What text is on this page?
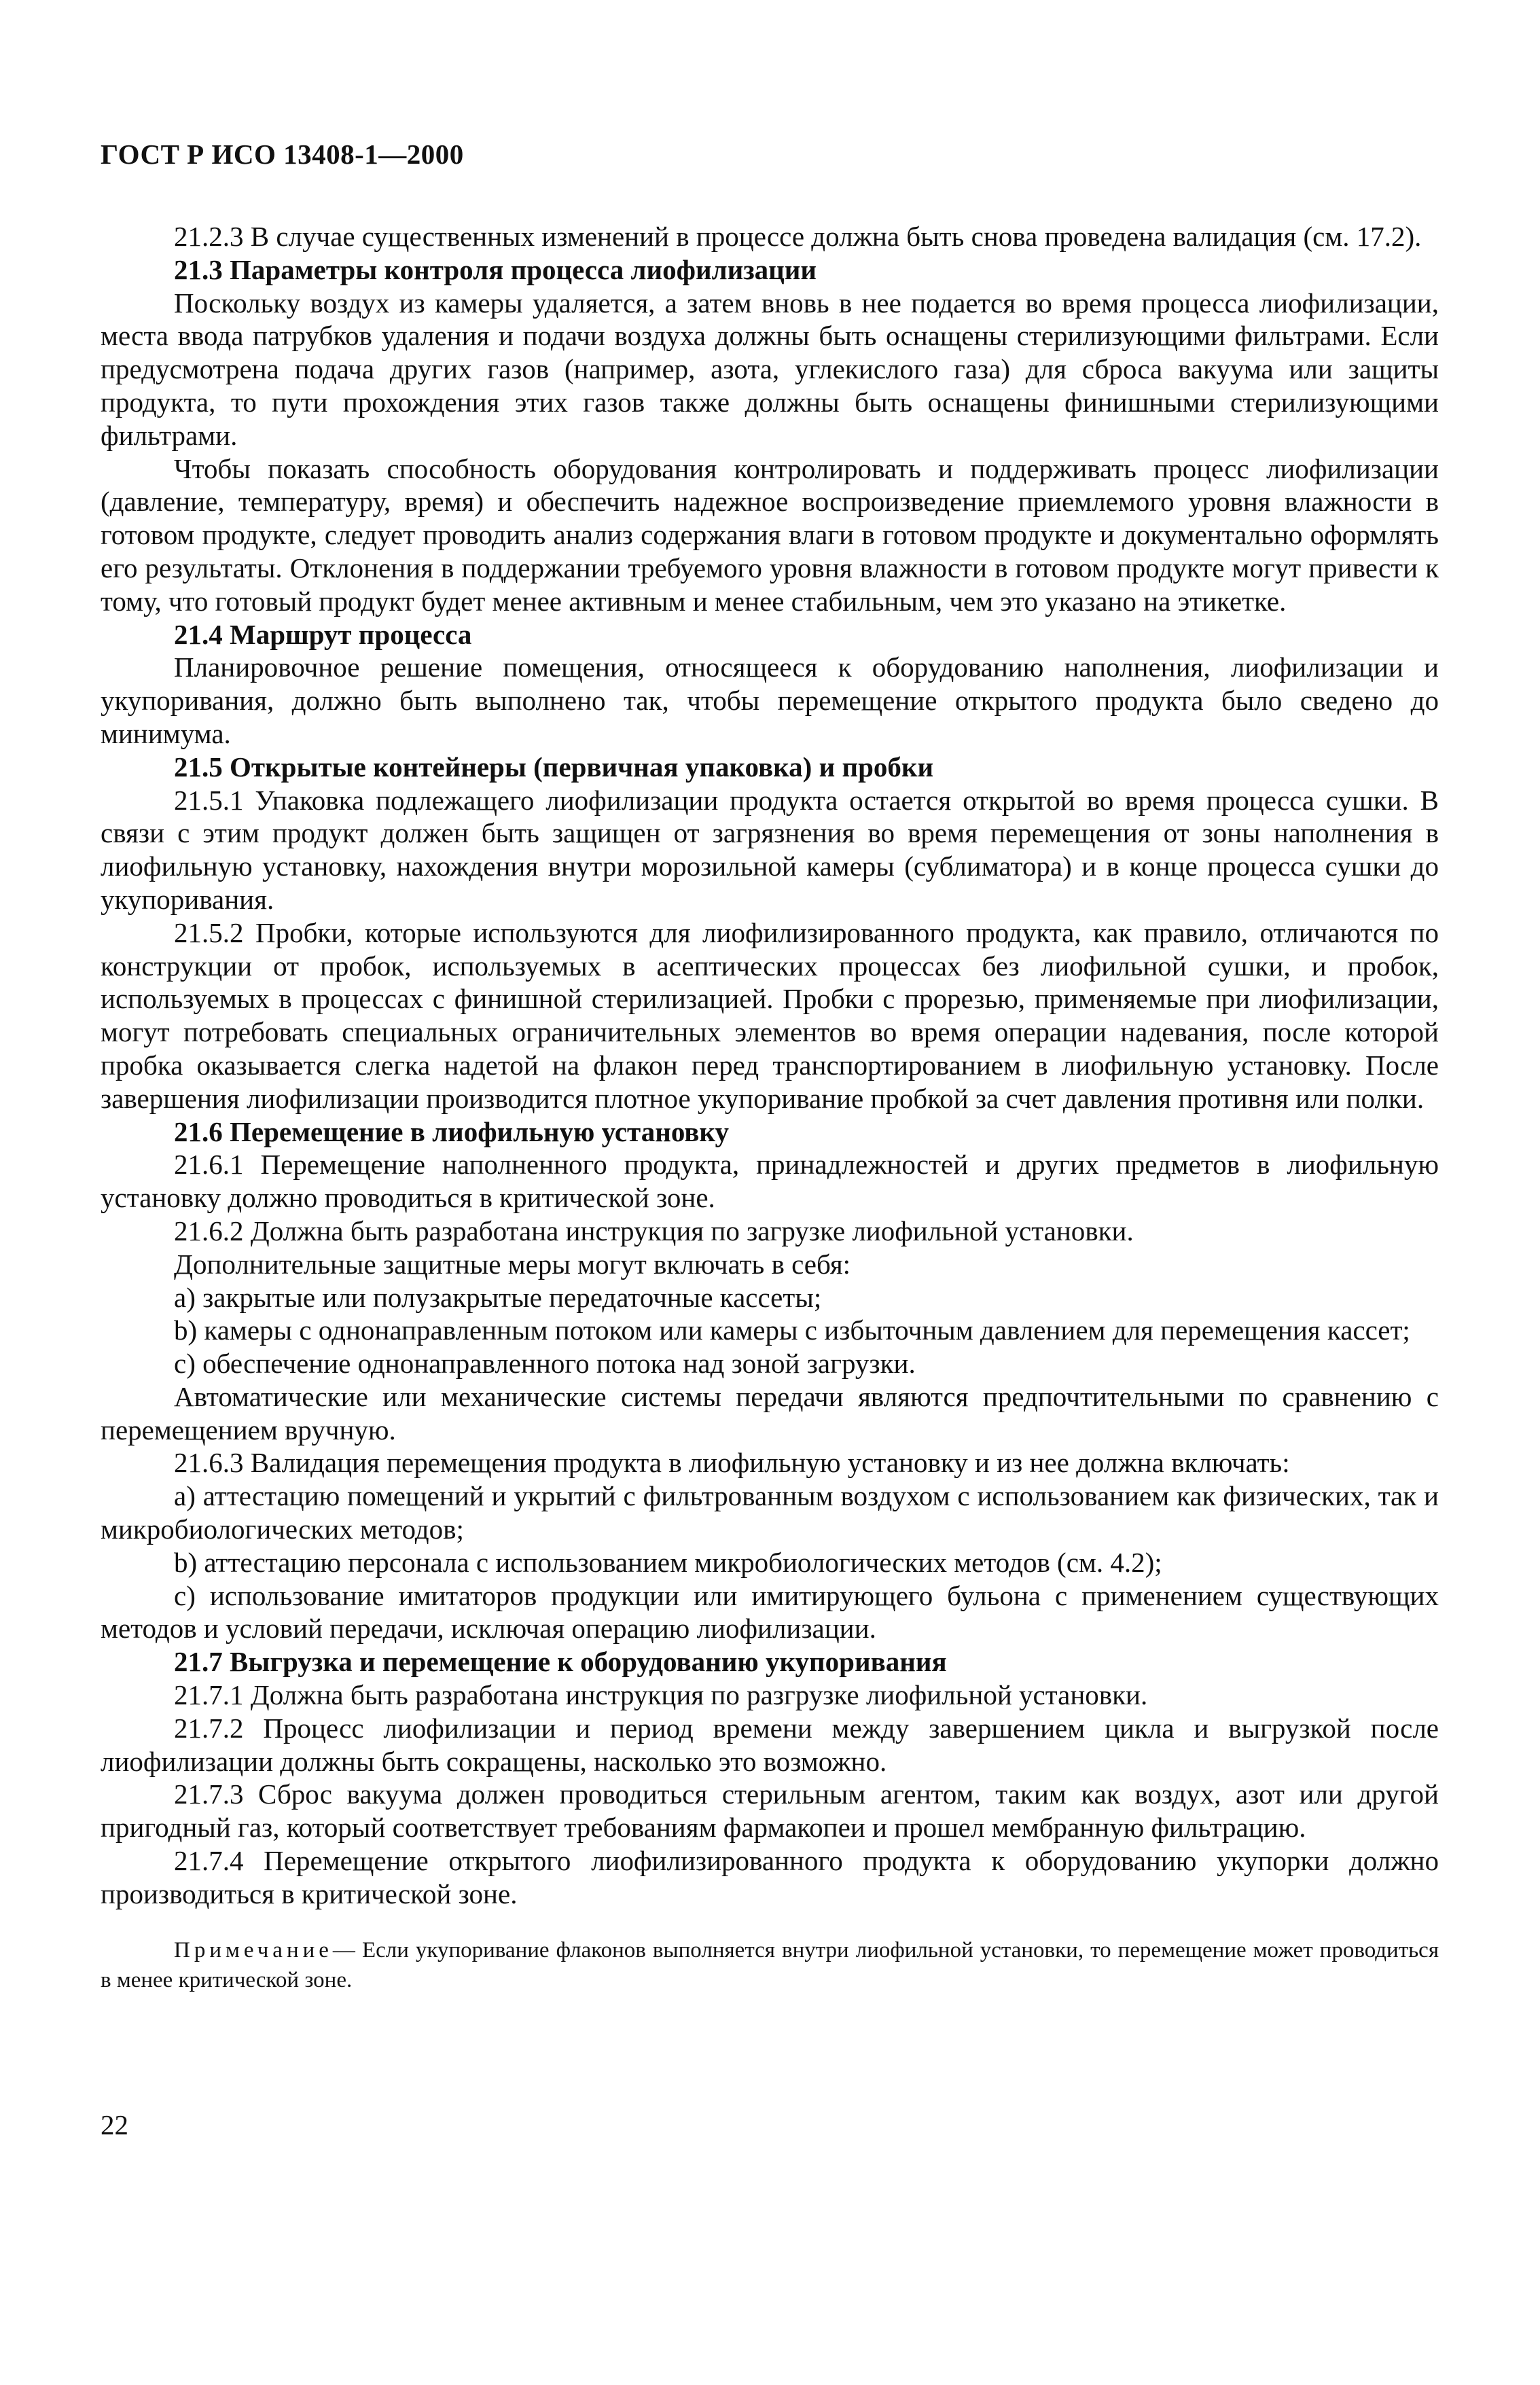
ГОСТ Р ИСО 13408-1—2000

21.2.3 В случае существенных изменений в процессе должна быть снова проведена валидация (см. 17.2).

21.3 Параметры контроля процесса лиофилизации

Поскольку воздух из камеры удаляется, а затем вновь в нее подается во время процесса лиофилизации, места ввода патрубков удаления и подачи воздуха должны быть оснащены стерилизующими фильтрами. Если предусмотрена подача других газов (например, азота, углекислого газа) для сброса вакуума или защиты продукта, то пути прохождения этих газов также должны быть оснащены финишными стерилизующими фильтрами.

Чтобы показать способность оборудования контролировать и поддерживать процесс лиофилизации (давление, температуру, время) и обеспечить надежное воспроизведение приемлемого уровня влажности в готовом продукте, следует проводить анализ содержания влаги в готовом продукте и документально оформлять его результаты. Отклонения в поддержании требуемого уровня влажности в готовом продукте могут привести к тому, что готовый продукт будет менее активным и менее стабильным, чем это указано на этикетке.

21.4 Маршрут процесса

Планировочное решение помещения, относящееся к оборудованию наполнения, лиофилизации и укупоривания, должно быть выполнено так, чтобы перемещение открытого продукта было сведено до минимума.

21.5 Открытые контейнеры (первичная упаковка) и пробки

21.5.1 Упаковка подлежащего лиофилизации продукта остается открытой во время процесса сушки. В связи с этим продукт должен быть защищен от загрязнения во время перемещения от зоны наполнения в лиофильную установку, нахождения внутри морозильной камеры (сублиматора) и в конце процесса сушки до укупоривания.

21.5.2 Пробки, которые используются для лиофилизированного продукта, как правило, отличаются по конструкции от пробок, используемых в асептических процессах без лиофильной сушки, и пробок, используемых в процессах с финишной стерилизацией. Пробки с прорезью, применяемые при лиофилизации, могут потребовать специальных ограничительных элементов во время операции надевания, после которой пробка оказывается слегка надетой на флакон перед транспортированием в лиофильную установку. После завершения лиофилизации производится плотное укупоривание пробкой за счет давления противня или полки.

21.6 Перемещение в лиофильную установку

21.6.1 Перемещение наполненного продукта, принадлежностей и других предметов в лиофильную установку должно проводиться в критической зоне.

21.6.2 Должна быть разработана инструкция по загрузке лиофильной установки.

Дополнительные защитные меры могут включать в себя:

a) закрытые или полузакрытые передаточные кассеты;

b) камеры с однонаправленным потоком или камеры с избыточным давлением для перемещения кассет;

c) обеспечение однонаправленного потока над зоной загрузки.

Автоматические или механические системы передачи являются предпочтительными по сравнению с перемещением вручную.

21.6.3 Валидация перемещения продукта в лиофильную установку и из нее должна включать:

a) аттестацию помещений и укрытий с фильтрованным воздухом с использованием как физических, так и микробиологических методов;

b) аттестацию персонала с использованием микробиологических методов (см. 4.2);

c) использование имитаторов продукции или имитирующего бульона с применением существующих методов и условий передачи, исключая операцию лиофилизации.

21.7 Выгрузка и перемещение к оборудованию укупоривания

21.7.1 Должна быть разработана инструкция по разгрузке лиофильной установки.

21.7.2 Процесс лиофилизации и период времени между завершением цикла и выгрузкой после лиофилизации должны быть сокращены, насколько это возможно.

21.7.3 Сброс вакуума должен проводиться стерильным агентом, таким как воздух, азот или другой пригодный газ, который соответствует требованиям фармакопеи и прошел мембранную фильтрацию.

21.7.4 Перемещение открытого лиофилизированного продукта к оборудованию укупорки должно производиться в критической зоне.

Примечание— Если укупоривание флаконов выполняется внутри лиофильной установки, то перемещение может проводиться в менее критической зоне.

22
